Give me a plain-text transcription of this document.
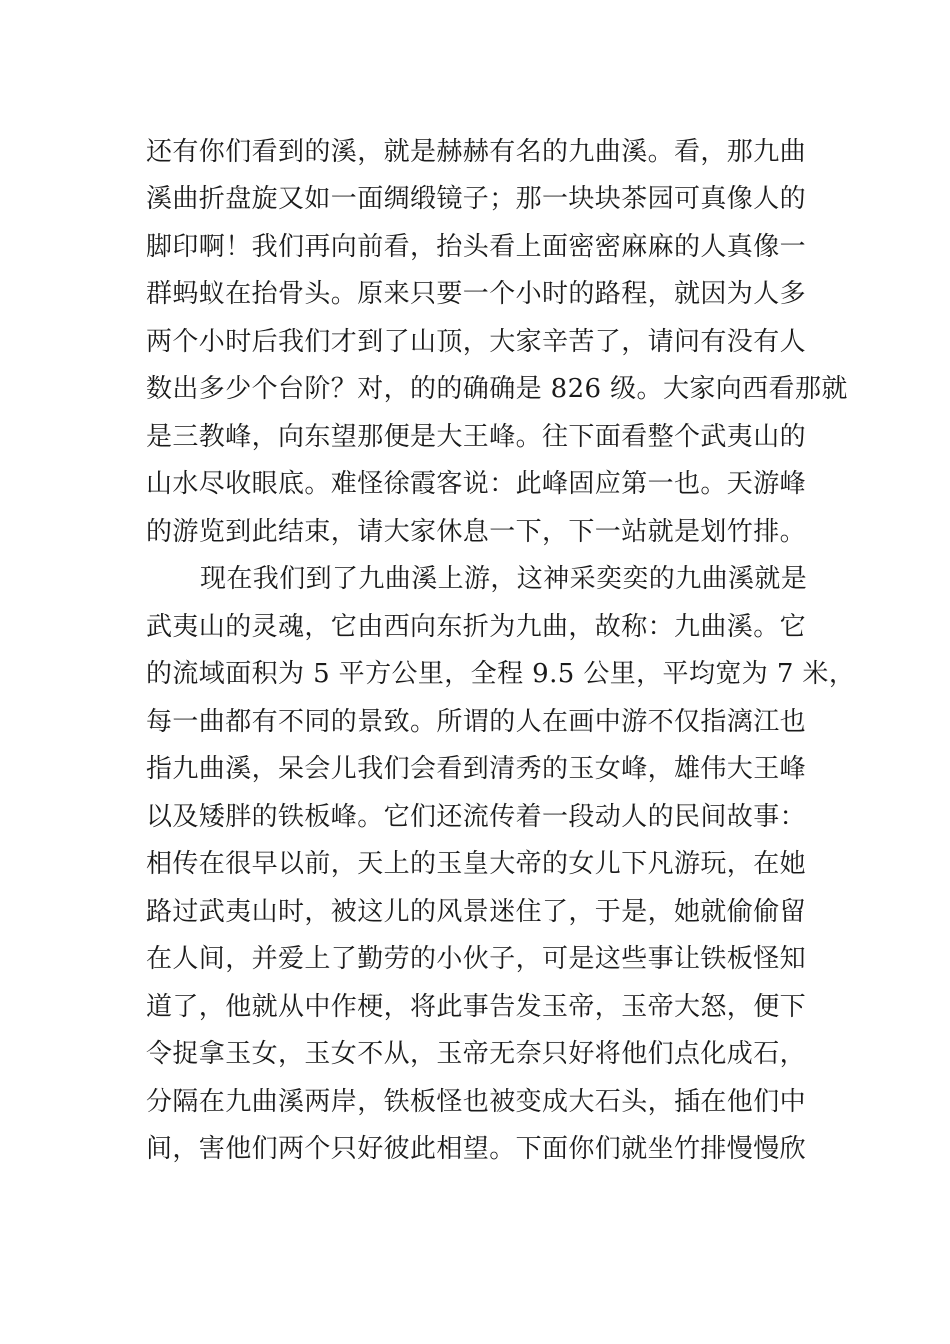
还有你们看到的溪，就是赫赫有名的九曲溪。看，那九曲
溪曲折盘旋又如一面绸缎镜子；那一块块茶园可真像人的
脚印啊！我们再向前看，抬头看上面密密麻麻的人真像一
群蚂蚁在抬骨头。原来只要一个小时的路程，就因为人多
两个小时后我们才到了山顶，大家辛苦了，请问有没有人
数出多少个台阶？对，的的确确是 826 级。大家向西看那就
是三教峰，向东望那便是大王峰。往下面看整个武夷山的
山水尽收眼底。难怪徐霞客说：此峰固应第一也。天游峰
的游览到此结束，请大家休息一下，下一站就是划竹排。
现在我们到了九曲溪上游，这神采奕奕的九曲溪就是
武夷山的灵魂，它由西向东折为九曲，故称：九曲溪。它
的流域面积为 5 平方公里，全程 9.5 公里，平均宽为 7 米，
每一曲都有不同的景致。所谓的人在画中游不仅指漓江也
指九曲溪，呆会儿我们会看到清秀的玉女峰，雄伟大王峰
以及矮胖的铁板峰。它们还流传着一段动人的民间故事：
相传在很早以前，天上的玉皇大帝的女儿下凡游玩，在她
路过武夷山时，被这儿的风景迷住了，于是，她就偷偷留
在人间，并爱上了勤劳的小伙子，可是这些事让铁板怪知
道了，他就从中作梗，将此事告发玉帝，玉帝大怒，便下
令捉拿玉女，玉女不从，玉帝无奈只好将他们点化成石，
分隔在九曲溪两岸，铁板怪也被变成大石头，插在他们中
间，害他们两个只好彼此相望。下面你们就坐竹排慢慢欣
